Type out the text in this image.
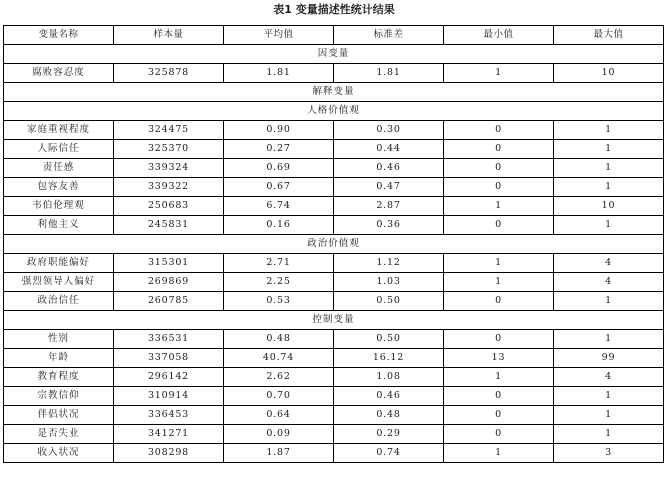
表1 变量描述性统计结果
变量名称	样本量	平均值	标准差	最小值	最大值
因变量					
腐败容忍度	325878	1.81	1.81	1	10
解释变量					
人格价值观					
家庭重视程度	324475	0.90	0.30	0	1
人际信任	325370	0.27	0.44	0	1
责任感	339324	0.69	0.46	0	1
包容友善	339322	0.67	0.47	0	1
韦伯伦理观	250683	6.74	2.87	1	10
利他主义	245831	0.16	0.36	0	1
政治价值观					
政府职能偏好	315301	2.71	1.12	1	4
强烈领导人偏好	269869	2.25	1.03	1	4
政治信任	260785	0.53	0.50	0	1
控制变量					
性别	336531	0.48	0.50	0	1
年龄	337058	40.74	16.12	13	99
教育程度	296142	2.62	1.08	1	4
宗教信仰	310914	0.70	0.46	0	1
伴侣状况	336453	0.64	0.48	0	1
是否失业	341271	0.09	0.29	0	1
收入状况	308298	1.87	0.74	1	3
